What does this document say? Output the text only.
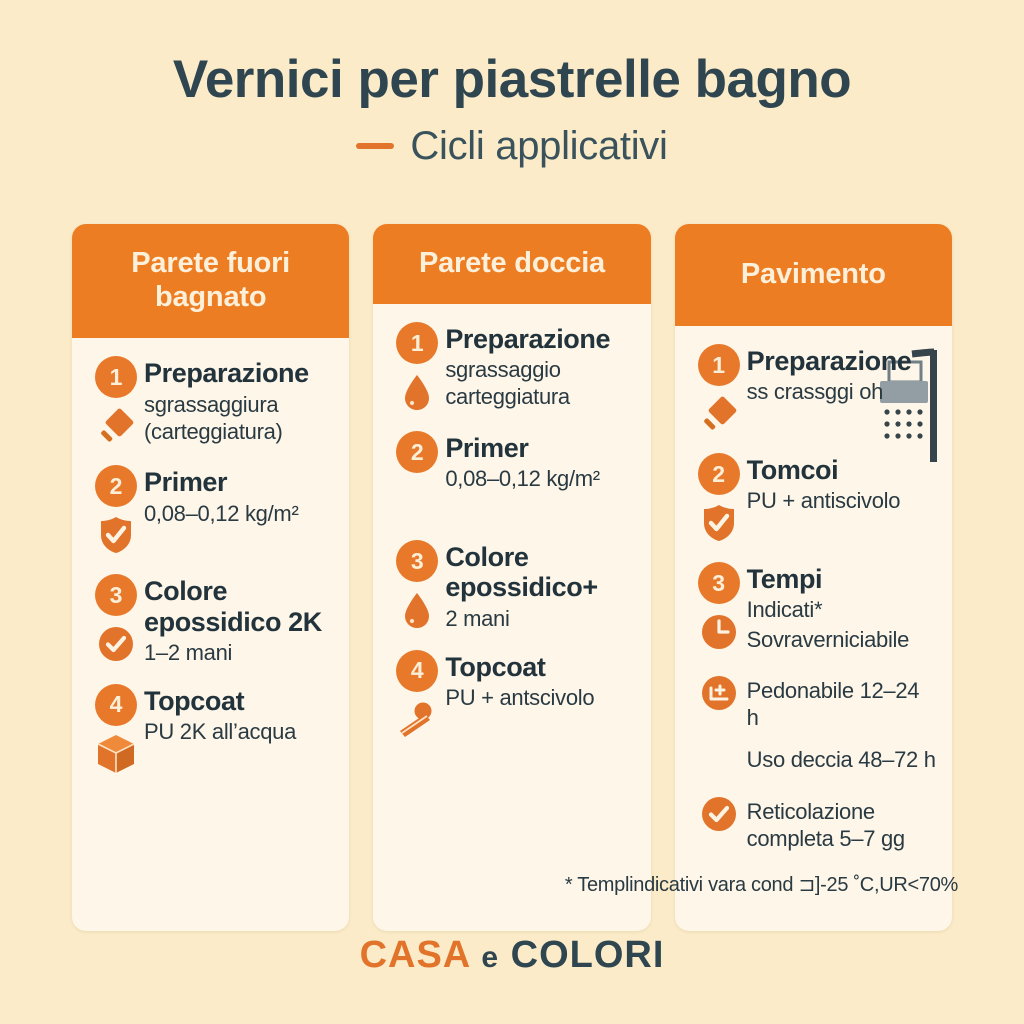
Vernici per piastrelle bagno
Cicli applicativi
Parete fuori bagnato
1 Preparazione
sgrassaggiura (carteggiatura)
2 Primer
0,08–0,12 kg/m²
3 Colore epossidico 2K
1–2 mani
4 Topcoat
PU 2K all’acqua
Parete doccia
1 Preparazione
sgrassaggio carteggiatura
2 Primer
0,08–0,12 kg/m²
3 Colore epossidico+
2 mani
4 Topcoat
PU + antscivolo
Pavimento
1 Preparazione
ss crassggi oh
2 Tomcoi
PU + antiscivolo
3 Tempi
Indicati*
Sovraverniciabile
Pedonabile 12–24 h
Uso deccia 48–72 h
Reticolazione completa 5–7 gg
* Templindicativi vara cond ⊐]-25 ˚C,UR<70%
CASA e COLORI
